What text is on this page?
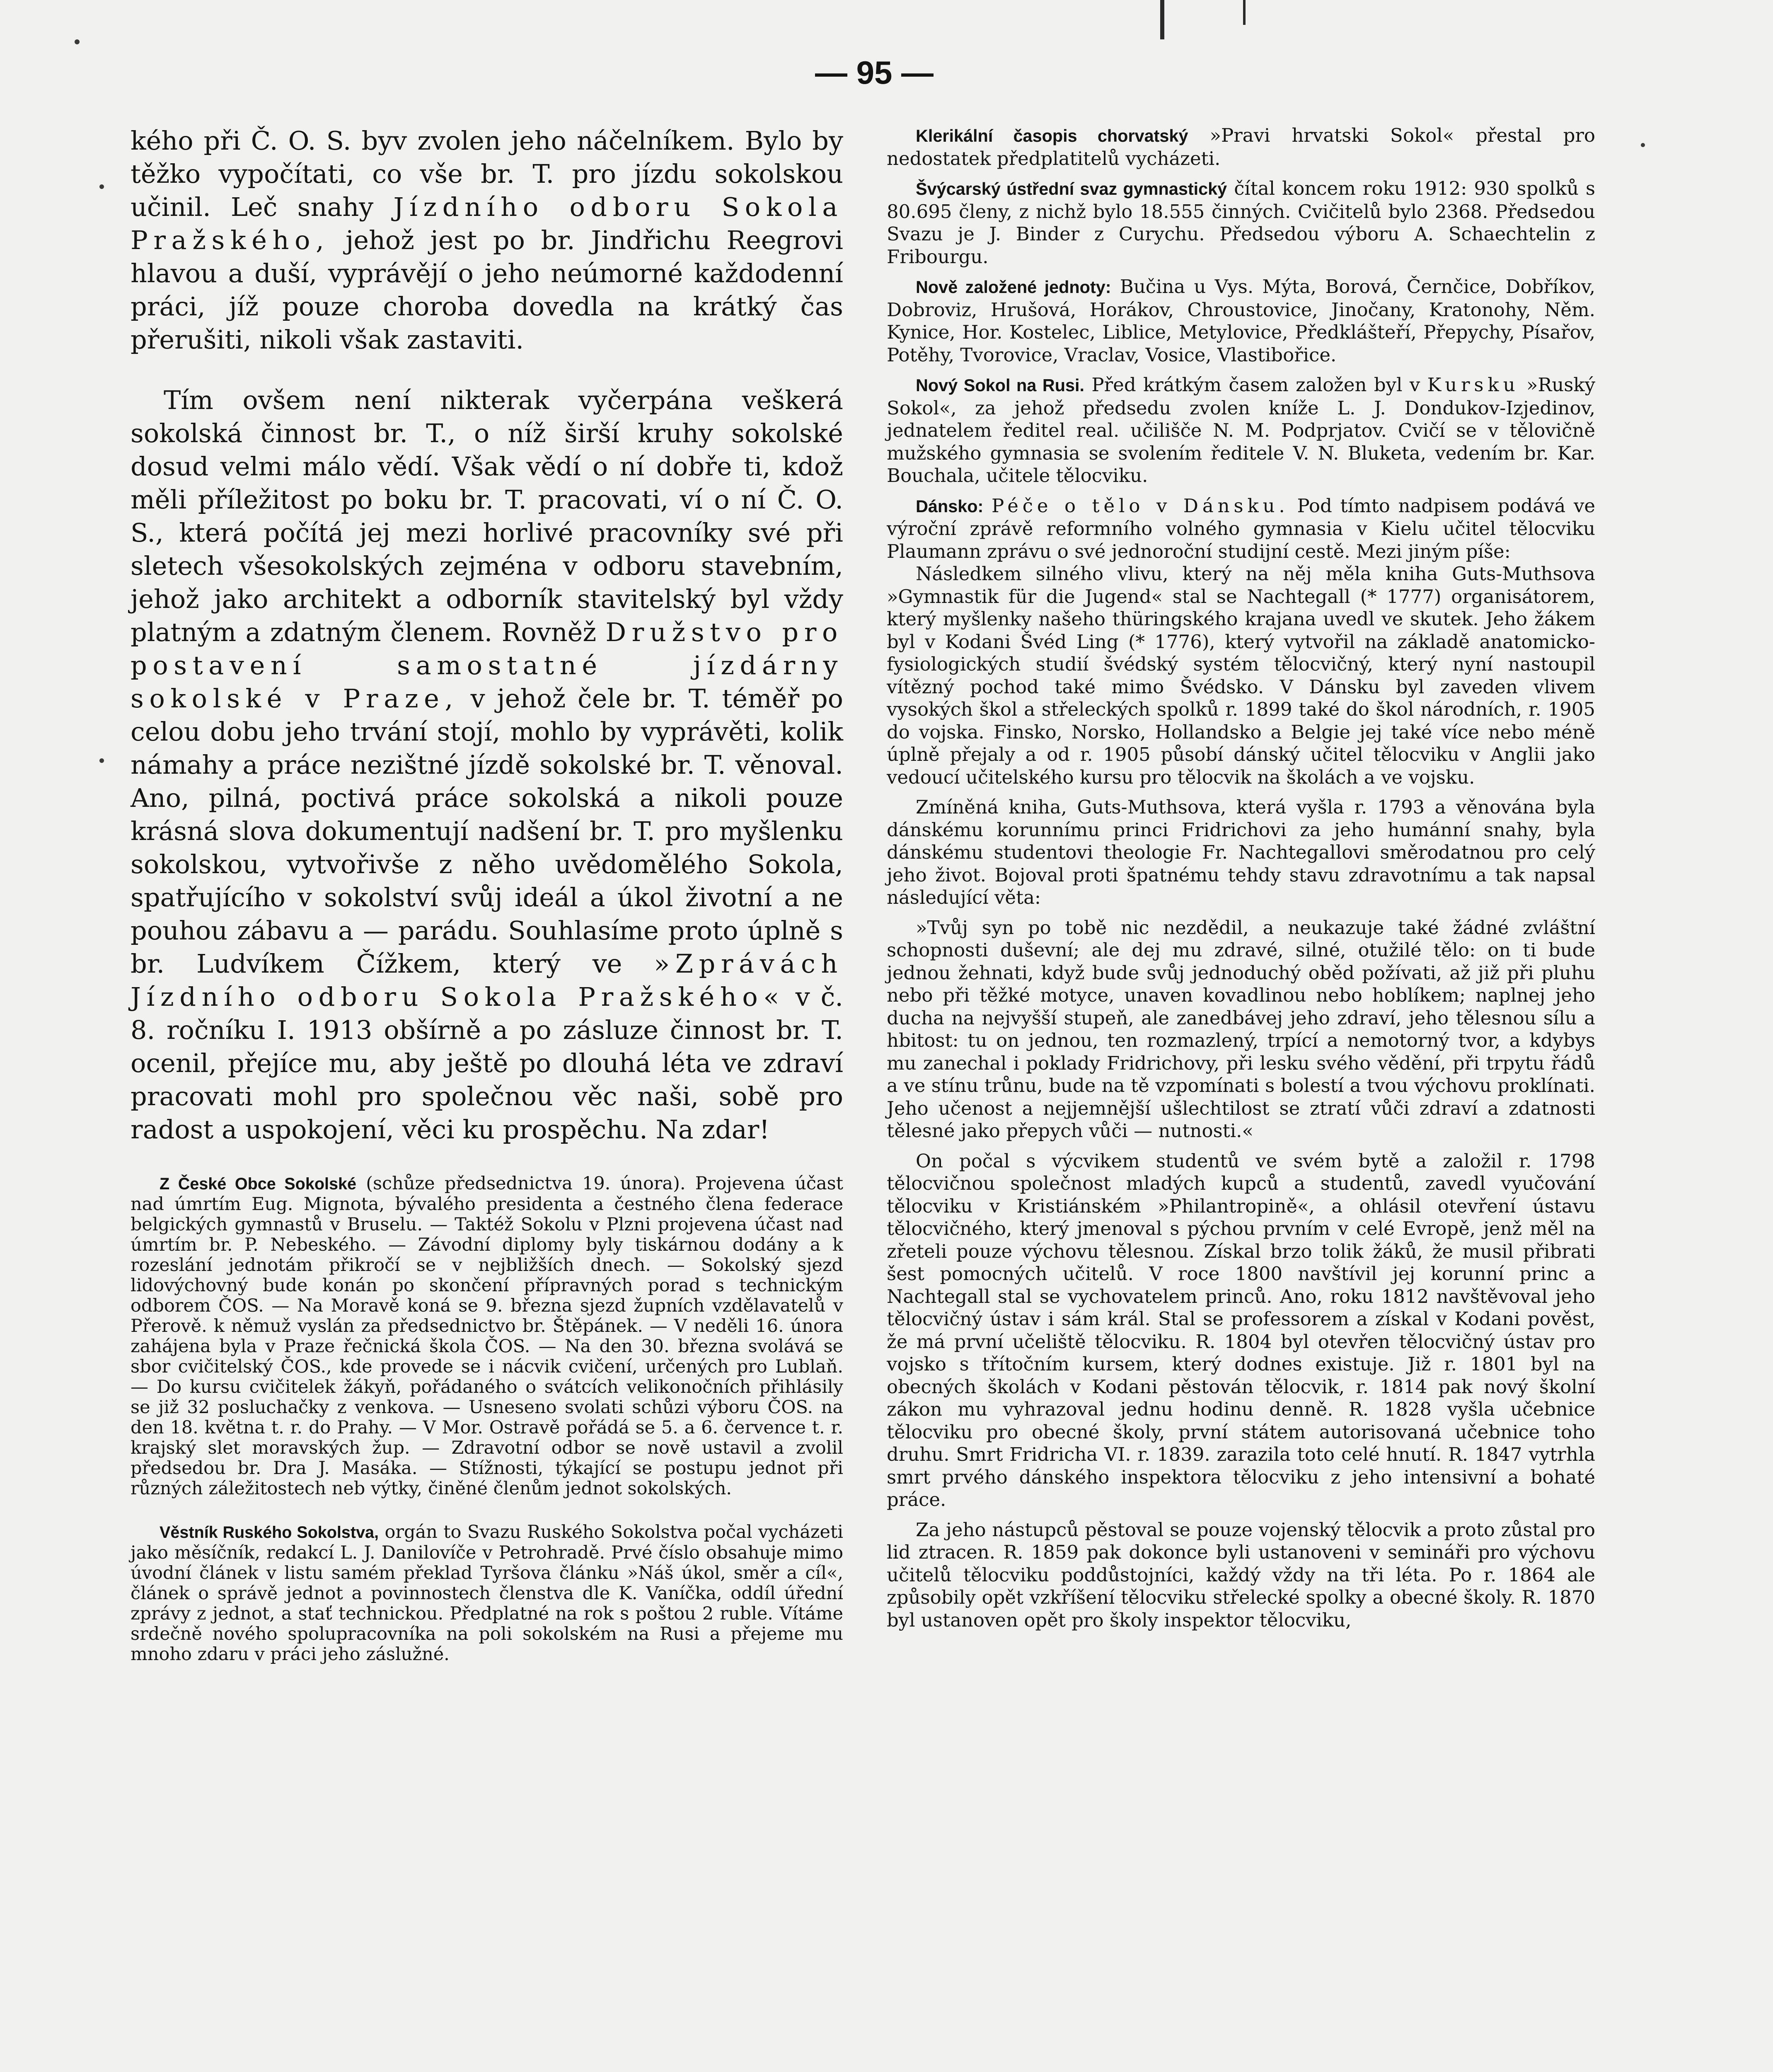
— 95 —

kého při Č. O. S. byv zvolen jeho náčelníkem. Bylo by těžko vypočítati, co vše br. T. pro jízdu sokolskou učinil. Leč snahy Jízdního odboru Sokola Pražského, jehož jest po br. Jindřichu Reegrovi hlavou a duší, vyprávějí o jeho neúmorné každodenní práci, jíž pouze choroba dovedla na krátký čas přerušiti, nikoli však zastaviti.

Tím ovšem není nikterak vyčerpána veškerá sokolská činnost br. T., o níž širší kruhy sokolské dosud velmi málo vědí. Však vědí o ní dobře ti, kdož měli příležitost po boku br. T. pracovati, ví o ní Č. O. S., která počítá jej mezi horlivé pracovníky své při sletech všesokolských zejména v odboru stavebním, jehož jako architekt a odborník stavitelský byl vždy platným a zdatným členem. Rovněž Družstvo pro postavení samostatné jízdárny sokolské v Praze, v jehož čele br. T. téměř po celou dobu jeho trvání stojí, mohlo by vyprávěti, kolik námahy a práce nezištné jízdě sokolské br. T. věnoval. Ano, pilná, poctivá práce sokolská a nikoli pouze krásná slova dokumentují nadšení br. T. pro myšlenku sokolskou, vytvořivše z něho uvědomělého Sokola, spatřujícího v sokolství svůj ideál a úkol životní a ne pouhou zábavu a — parádu. Souhlasíme proto úplně s br. Ludvíkem Čížkem, který ve »Zprávách Jízdního odboru Sokola Pražského« v č. 8. ročníku I. 1913 obšírně a po zásluze činnost br. T. ocenil, přejíce mu, aby ještě po dlouhá léta ve zdraví pracovati mohl pro společnou věc naši, sobě pro radost a uspokojení, věci ku prospěchu. Na zdar!

Z České Obce Sokolské (schůze předsednictva 19. února). Projevena účast nad úmrtím Eug. Mignota, bývalého presidenta a čestného člena federace belgických gymnastů v Bruselu. — Taktéž Sokolu v Plzni projevena účast nad úmrtím br. P. Nebeského. — Závodní diplomy byly tiskárnou dodány a k rozeslání jednotám přikročí se v nejbližších dnech. — Sokolský sjezd lidovýchovný bude konán po skončení přípravných porad s technickým odborem ČOS. — Na Moravě koná se 9. března sjezd župních vzdělavatelů v Přerově. k němuž vyslán za předsednictvo br. Štěpánek. — V neděli 16. února zahájena byla v Praze řečnická škola ČOS. — Na den 30. března svolává se sbor cvičitelský ČOS., kde provede se i nácvik cvičení, určených pro Lublaň. — Do kursu cvičitelek žákyň, pořádaného o svátcích velikonočních přihlásily se již 32 posluchačky z venkova. — Usneseno svolati schůzi výboru ČOS. na den 18. května t. r. do Prahy. — V Mor. Ostravě pořádá se 5. a 6. července t. r. krajský slet moravských žup. — Zdravotní odbor se nově ustavil a zvolil předsedou br. Dra J. Masáka. — Stížnosti, týkající se postupu jednot při různých záležitostech neb výtky, činěné členům jednot sokolských.

Věstník Ruského Sokolstva, orgán to Svazu Ruského Sokolstva počal vycházeti jako měsíčník, redakcí L. J. Danilovíče v Petrohradě. Prvé číslo obsahuje mimo úvodní článek v listu samém překlad Tyršova článku »Náš úkol, směr a cíl«, článek o správě jednot a povinnostech členstva dle K. Vaníčka, oddíl úřední zprávy z jednot, a stať technickou. Předplatné na rok s poštou 2 ruble. Vítáme srdečně nového spolupracovníka na poli sokolském na Rusi a přejeme mu mnoho zdaru v práci jeho záslužné.

Klerikální časopis chorvatský »Pravi hrvatski Sokol« přestal pro nedostatek předplatitelů vycházeti.

Švýcarský ústřední svaz gymnastický čítal koncem roku 1912: 930 spolků s 80.695 členy, z nichž bylo 18.555 činných. Cvičitelů bylo 2368. Předsedou Svazu je J. Binder z Curychu. Předsedou výboru A. Schaechtelin z Fribourgu.

Nově založené jednoty: Bučina u Vys. Mýta, Borová, Černčice, Dobříkov, Dobroviz, Hrušová, Horákov, Chroustovice, Jinočany, Kratonohy, Něm. Kynice, Hor. Kostelec, Liblice, Metylovice, Předklášteří, Přepychy, Písařov, Potěhy, Tvorovice, Vraclav, Vosice, Vlastibořice.

Nový Sokol na Rusi. Před krátkým časem založen byl v Kursku »Ruský Sokol«, za jehož předsedu zvolen kníže L. J. Dondukov-Izjedinov, jednatelem ředitel real. učilišče N. M. Podprjatov. Cvičí se v tělovičně mužského gymnasia se svolením ředitele V. N. Bluketa, vedením br. Kar. Bouchala, učitele tělocviku.

Dánsko: Péče o tělo v Dánsku. Pod tímto nadpisem podává ve výroční zprávě reformního volného gymnasia v Kielu učitel tělocviku Plaumann zprávu o své jednoroční studijní cestě. Mezi jiným píše:

Následkem silného vlivu, který na něj měla kniha Guts-Muthsova »Gymnastik für die Jugend« stal se Nachtegall (* 1777) organisátorem, který myšlenky našeho thüringského krajana uvedl ve skutek. Jeho žákem byl v Kodani Švéd Ling (* 1776), který vytvořil na základě anatomicko-fysiologických studií švédský systém tělocvičný, který nyní nastoupil vítězný pochod také mimo Švédsko. V Dánsku byl zaveden vlivem vysokých škol a střeleckých spolků r. 1899 také do škol národních, r. 1905 do vojska. Finsko, Norsko, Hollandsko a Belgie jej také více nebo méně úplně přejaly a od r. 1905 působí dánský učitel tělocviku v Anglii jako vedoucí učitelského kursu pro tělocvik na školách a ve vojsku.

Zmíněná kniha, Guts-Muthsova, která vyšla r. 1793 a věnována byla dánskému korunnímu princi Fridrichovi za jeho humánní snahy, byla dánskému studentovi theologie Fr. Nachtegallovi směrodatnou pro celý jeho život. Bojoval proti špatnému tehdy stavu zdravotnímu a tak napsal následující věta:

»Tvůj syn po tobě nic nezdědil, a neukazuje také žádné zvláštní schopnosti duševní; ale dej mu zdravé, silné, otužilé tělo: on ti bude jednou žehnati, když bude svůj jednoduchý oběd požívati, až již při pluhu nebo při těžké motyce, unaven kovadlinou nebo hoblíkem; naplnej jeho ducha na nejvyšší stupeň, ale zanedbávej jeho zdraví, jeho tělesnou sílu a hbitost: tu on jednou, ten rozmazlený, trpící a nemotorný tvor, a kdybys mu zanechal i poklady Fridrichovy, při lesku svého vědění, při trpytu řádů a ve stínu trůnu, bude na tě vzpomínati s bolestí a tvou výchovu proklínati. Jeho učenost a nejjemnější ušlechtilost se ztratí vůči zdraví a zdatnosti tělesné jako přepych vůči — nutnosti.«

On počal s výcvikem studentů ve svém bytě a založil r. 1798 tělocvičnou společnost mladých kupců a studentů, zavedl vyučování tělocviku v Kristiánském »Philantropině«, a ohlásil otevření ústavu tělocvičného, který jmenoval s pýchou prvním v celé Evropě, jenž měl na zřeteli pouze výchovu tělesnou. Získal brzo tolik žáků, že musil přibrati šest pomocných učitelů. V roce 1800 navštívil jej korunní princ a Nachtegall stal se vychovatelem princů. Ano, roku 1812 navštěvoval jeho tělocvičný ústav i sám král. Stal se professorem a získal v Kodani pověst, že má první učeliště tělocviku. R. 1804 byl otevřen tělocvičný ústav pro vojsko s třítočním kursem, který dodnes existuje. Již r. 1801 byl na obecných školách v Kodani pěstován tělocvik, r. 1814 pak nový školní zákon mu vyhrazoval jednu hodinu denně. R. 1828 vyšla učebnice tělocviku pro obecné školy, první státem autorisovaná učebnice toho druhu. Smrt Fridricha VI. r. 1839. zarazila toto celé hnutí. R. 1847 vytrhla smrt prvého dánského inspektora tělocviku z jeho intensivní a bohaté práce.

Za jeho nástupců pěstoval se pouze vojenský tělocvik a proto zůstal pro lid ztracen. R. 1859 pak dokonce byli ustanoveni v semináři pro výchovu učitelů tělocviku poddůstojníci, každý vždy na tři léta. Po r. 1864 ale způsobily opět vzkříšení tělocviku střelecké spolky a obecné školy. R. 1870 byl ustanoven opět pro školy inspektor tělocviku,
